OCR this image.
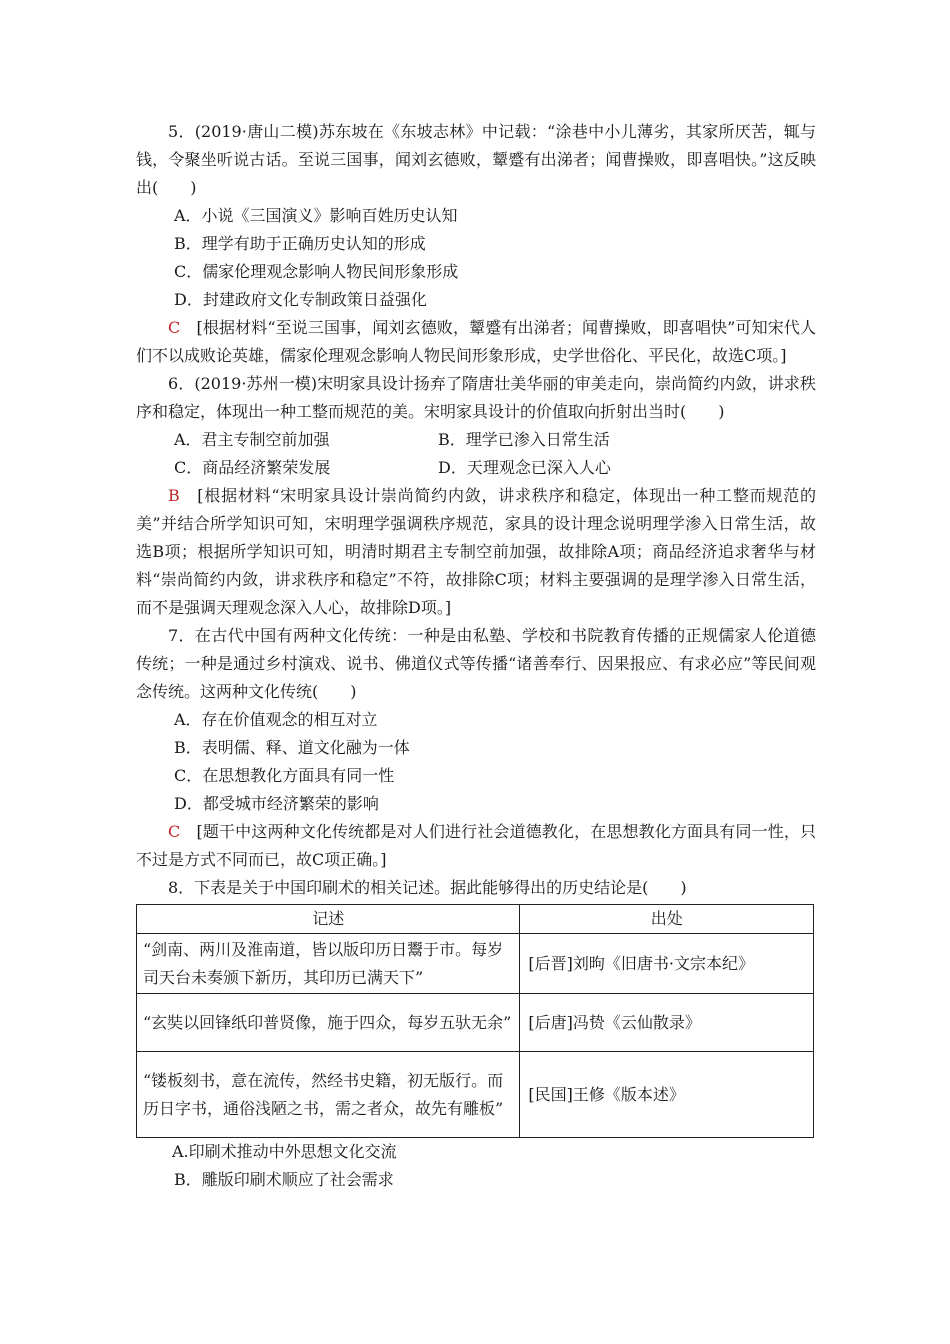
5．(2019·唐山二模)苏东坡在《东坡志林》中记载：“涂巷中小儿薄劣，其家所厌苦，辄与钱，令聚坐听说古话。至说三国事，闻刘玄德败，颦蹙有出涕者；闻曹操败，即喜唱快。”这反映出(　　)

A．小说《三国演义》影响百姓历史认知

B．理学有助于正确历史认知的形成

C．儒家伦理观念影响人物民间形象形成

D．封建政府文化专制政策日益强化

C　[根据材料“至说三国事，闻刘玄德败，颦蹙有出涕者；闻曹操败，即喜唱快”可知宋代人们不以成败论英雄，儒家伦理观念影响人物民间形象形成，史学世俗化、平民化，故选C项。]

6．(2019·苏州一模)宋明家具设计扬弃了隋唐壮美华丽的审美走向，崇尚简约内敛，讲求秩序和稳定，体现出一种工整而规范的美。宋明家具设计的价值取向折射出当时(　　)

A．君主专制空前加强	B．理学已渗入日常生活
C．商品经济繁荣发展	D．天理观念已深入人心

B　[根据材料“宋明家具设计崇尚简约内敛，讲求秩序和稳定，体现出一种工整而规范的美”并结合所学知识可知，宋明理学强调秩序规范，家具的设计理念说明理学渗入日常生活，故选B项；根据所学知识可知，明清时期君主专制空前加强，故排除A项；商品经济追求奢华与材料“崇尚简约内敛，讲求秩序和稳定”不符，故排除C项；材料主要强调的是理学渗入日常生活，而不是强调天理观念深入人心，故排除D项。]

7．在古代中国有两种文化传统：一种是由私塾、学校和书院教育传播的正规儒家人伦道德传统；一种是通过乡村演戏、说书、佛道仪式等传播“诸善奉行、因果报应、有求必应”等民间观念传统。这两种文化传统(　　)

A．存在价值观念的相互对立

B．表明儒、释、道文化融为一体

C．在思想教化方面具有同一性

D．都受城市经济繁荣的影响

C　[题干中这两种文化传统都是对人们进行社会道德教化，在思想教化方面具有同一性，只不过是方式不同而已，故C项正确。]

8．下表是关于中国印刷术的相关记述。据此能够得出的历史结论是(　　)

记述	出处
“剑南、两川及淮南道，皆以版印历日鬻于市。每岁司天台未奏颁下新历，其印历已满天下”	[后晋]刘昫《旧唐书·文宗本纪》
“玄奘以回锋纸印普贤像，施于四众，每岁五驮无余”	[后唐]冯贽《云仙散录》
“镂板刻书，意在流传，然经书史籍，初无版行。而历日字书，通俗浅陋之书，需之者众，故先有雕板”	[民国]王修《版本述》

A.印刷术推动中外思想文化交流

B．雕版印刷术顺应了社会需求
